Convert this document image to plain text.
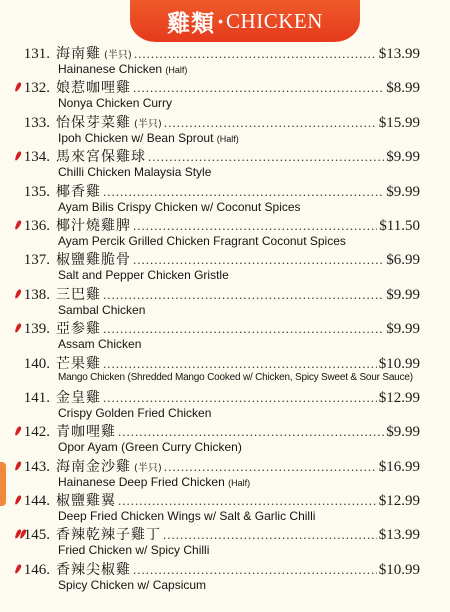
雞類 • CHICKEN
131. 海南雞 (半只) .....	$13.99
Hainanese Chicken (Half)
132. 娘惹咖哩雞 .....	$8.99
Nonya Chicken Curry
133. 怡保芽菜雞 (半只) .....	$15.99
Ipoh Chicken w/ Bean Sprout (Half)
134. 馬來宮保雞球 .....	$9.99
Chilli Chicken Malaysia Style
135. 椰香雞 .....	$9.99
Ayam Bilis Crispy Chicken w/ Coconut Spices
136. 椰汁燒雞脾 .....	$11.50
Ayam Percik Grilled Chicken Fragrant Coconut Spices
137. 椒鹽雞脆骨 .....	$6.99
Salt and Pepper Chicken Gristle
138. 三巴雞 .....	$9.99
Sambal Chicken
139. 亞参雞 .....	$9.99
Assam Chicken
140. 芒果雞 .....	$10.99
Mango Chicken (Shredded Mango Cooked w/ Chicken, Spicy Sweet & Sour Sauce)
141. 金皇雞 .....	$12.99
Crispy Golden Fried Chicken
142. 青咖哩雞 .....	$9.99
Opor Ayam (Green Curry Chicken)
143. 海南金沙雞 (半只) .....	$16.99
Hainanese Deep Fried Chicken (Half)
144. 椒鹽雞翼 .....	$12.99
Deep Fried Chicken Wings w/ Salt & Garlic Chilli
145. 香辣乾辣子雞丁 .....	$13.99
Fried Chicken w/ Spicy Chilli
146. 香辣尖椒雞 .....	$10.99
Spicy Chicken w/ Capsicum
